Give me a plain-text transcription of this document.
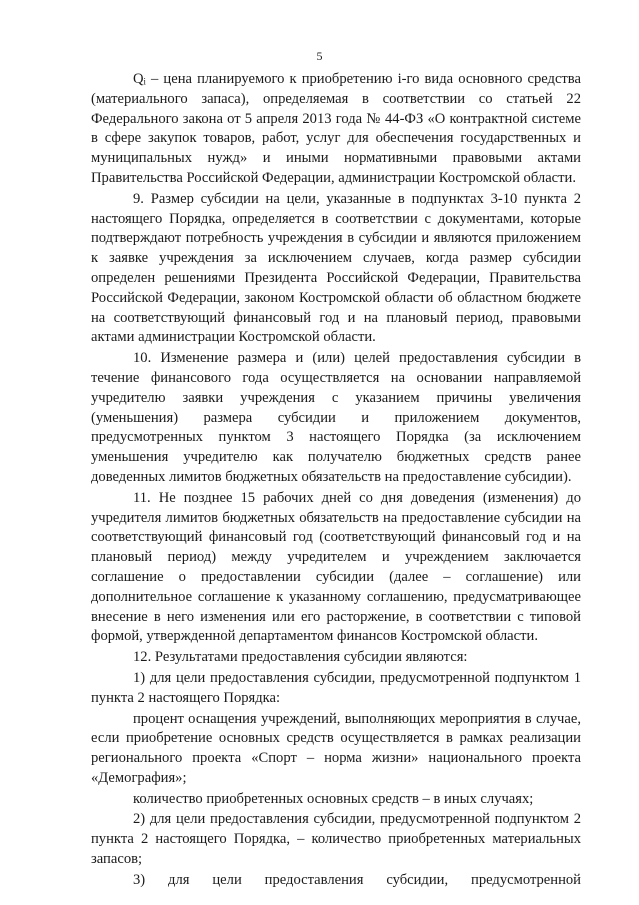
5

Qᵢ – цена планируемого к приобретению i-го вида основного средства (материального запаса), определяемая в соответствии со статьей 22 Федерального закона от 5 апреля 2013 года № 44-ФЗ «О контрактной системе в сфере закупок товаров, работ, услуг для обеспечения государственных и муниципальных нужд» и иными нормативными правовыми актами Правительства Российской Федерации, администрации Костромской области.

9. Размер субсидии на цели, указанные в подпунктах 3-10 пункта 2 настоящего Порядка, определяется в соответствии с документами, которые подтверждают потребность учреждения в субсидии и являются приложением к заявке учреждения за исключением случаев, когда размер субсидии определен решениями Президента Российской Федерации, Правительства Российской Федерации, законом Костромской области об областном бюджете на соответствующий финансовый год и на плановый период, правовыми актами администрации Костромской области.

10. Изменение размера и (или) целей предоставления субсидии в течение финансового года осуществляется на основании направляемой учредителю заявки учреждения с указанием причины увеличения (уменьшения) размера субсидии и приложением документов, предусмотренных пунктом 3 настоящего Порядка (за исключением уменьшения учредителю как получателю бюджетных средств ранее доведенных лимитов бюджетных обязательств на предоставление субсидии).

11. Не позднее 15 рабочих дней со дня доведения (изменения) до учредителя лимитов бюджетных обязательств на предоставление субсидии на соответствующий финансовый год (соответствующий финансовый год и на плановый период) между учредителем и учреждением заключается соглашение о предоставлении субсидии (далее – соглашение) или дополнительное соглашение к указанному соглашению, предусматривающее внесение в него изменения или его расторжение, в соответствии с типовой формой, утвержденной департаментом финансов Костромской области.

12. Результатами предоставления субсидии являются:

1) для цели предоставления субсидии, предусмотренной подпунктом 1 пункта 2 настоящего Порядка:

процент оснащения учреждений, выполняющих мероприятия в случае, если приобретение основных средств осуществляется в рамках реализации регионального проекта «Спорт – норма жизни» национального проекта «Демография»;

количество приобретенных основных средств – в иных случаях;

2) для цели предоставления субсидии, предусмотренной подпунктом 2 пункта 2 настоящего Порядка, – количество приобретенных материальных запасов;

3) для цели предоставления субсидии, предусмотренной
